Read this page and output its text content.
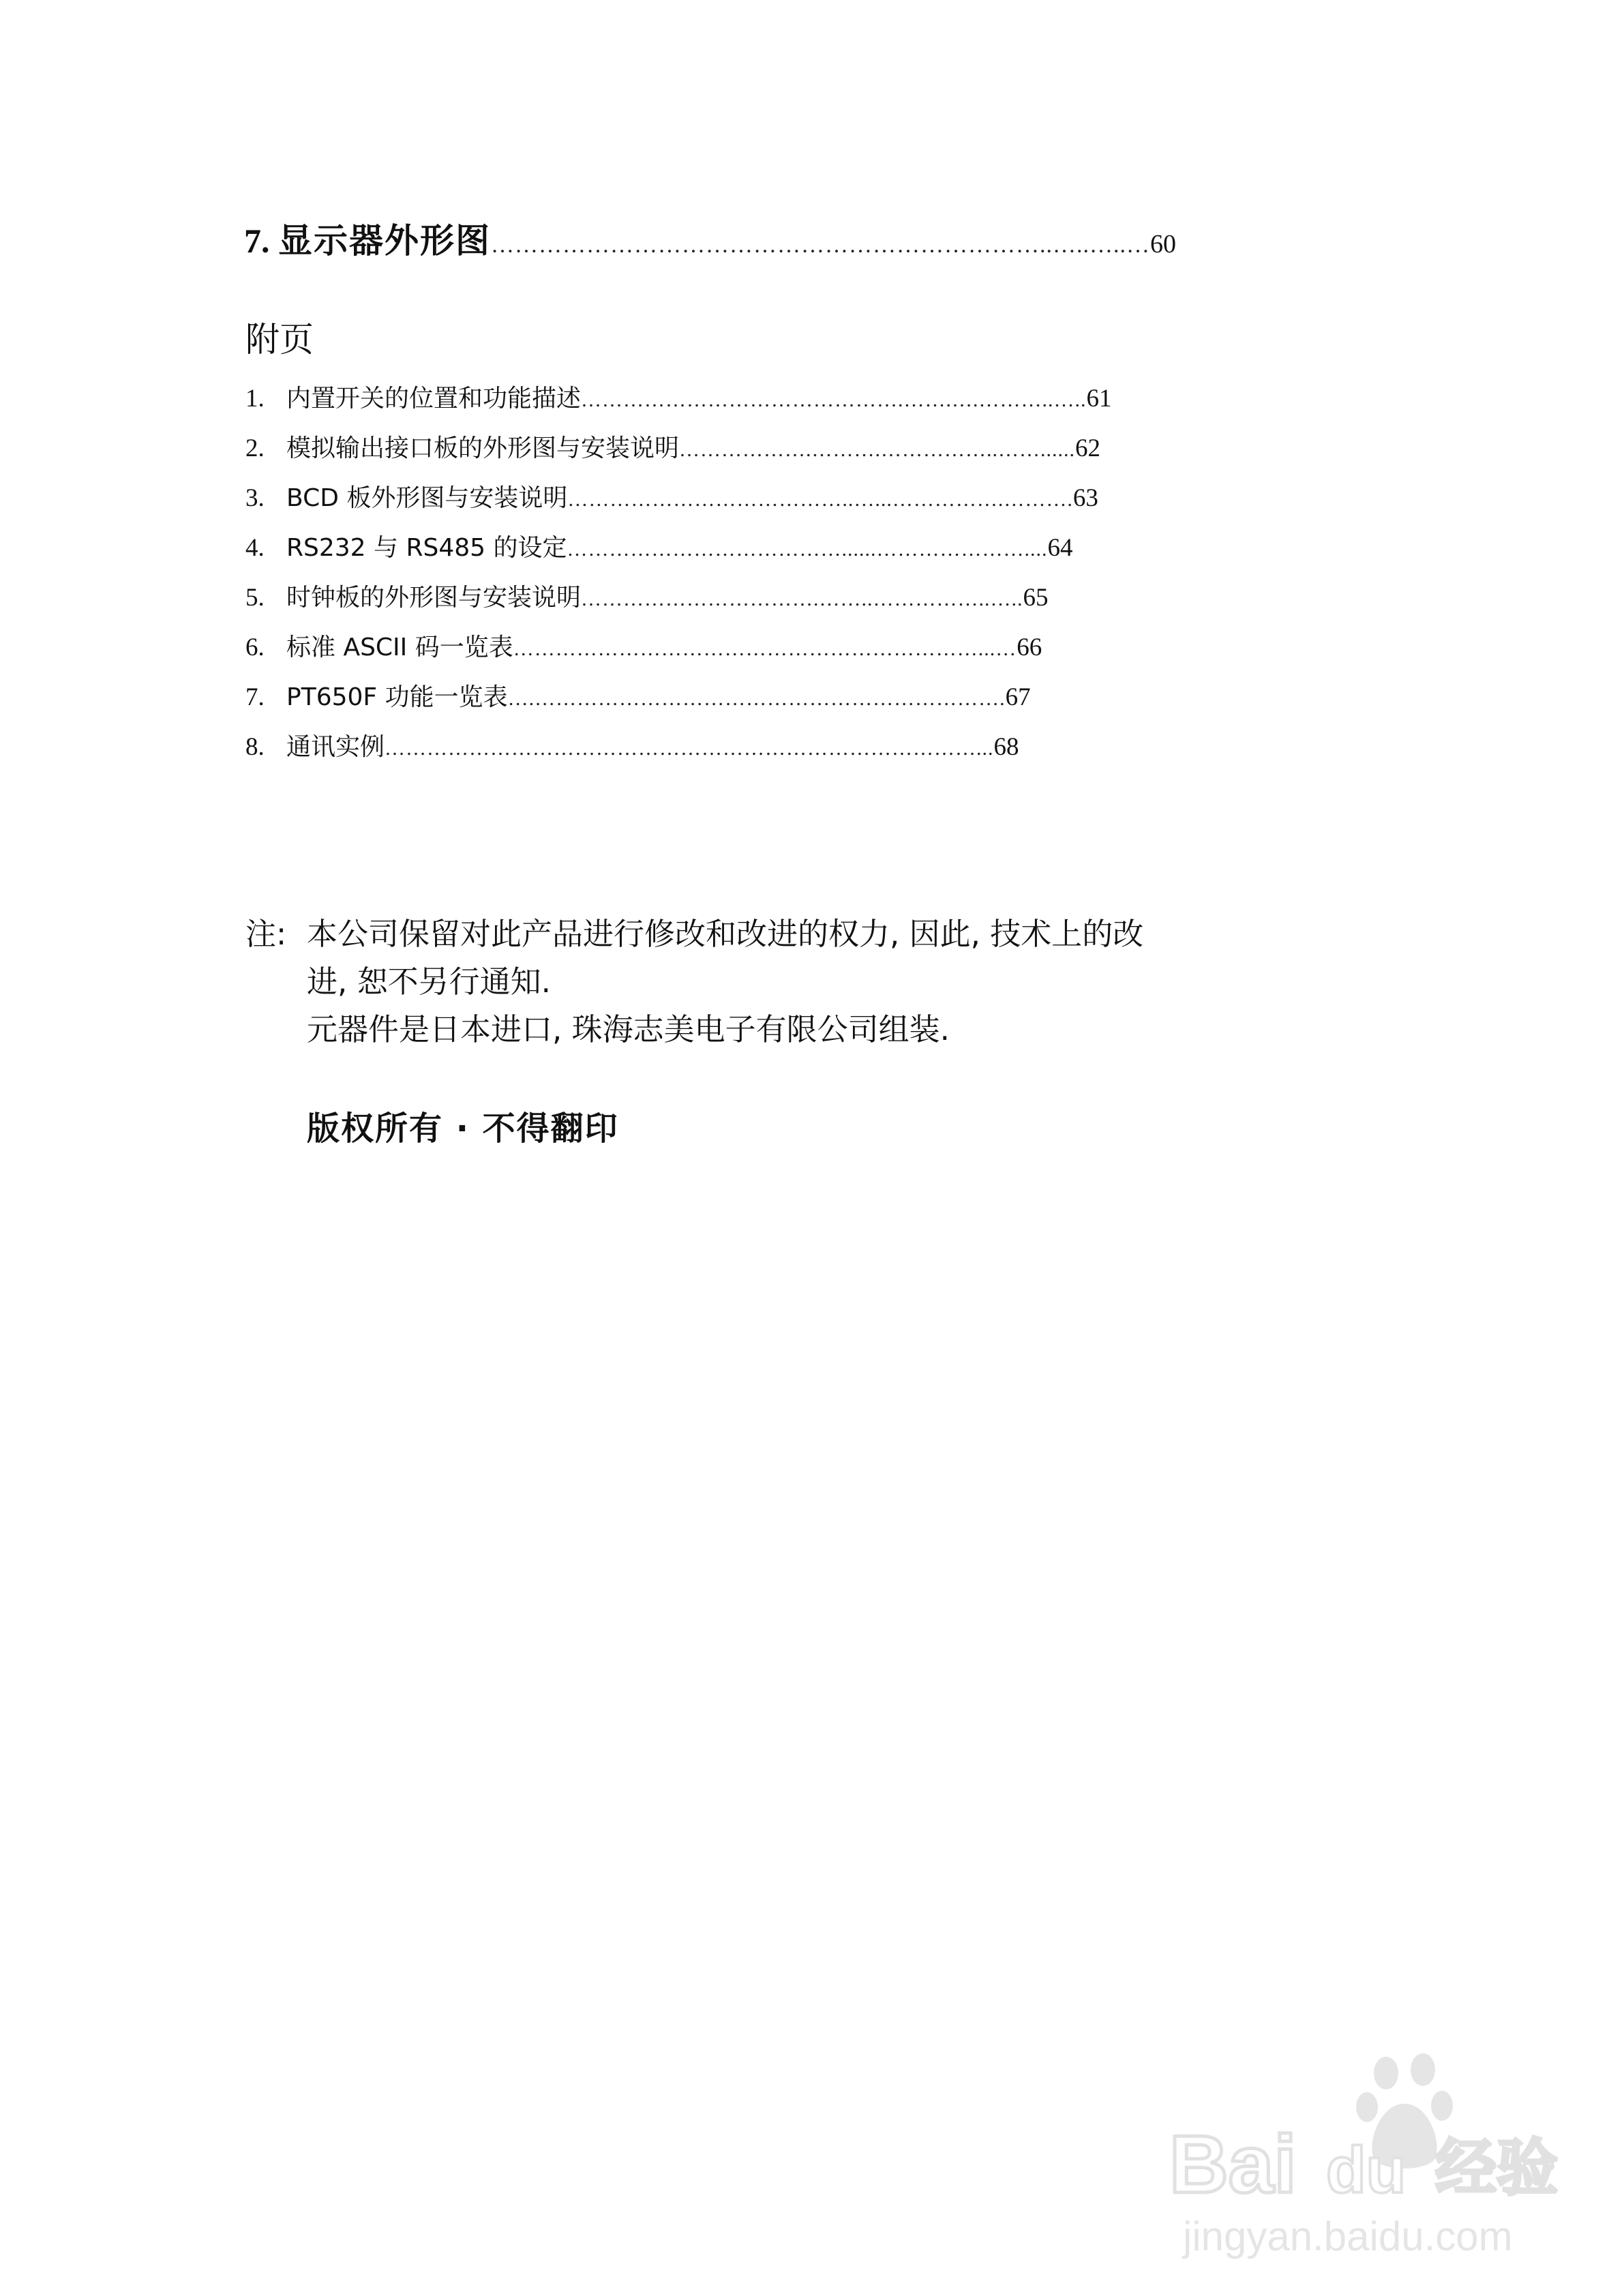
7. 显示器外形图……………………………………………………………..…..…..…60
附页
1. 内置开关的位置和功能描述……………………………………….…….….………..…..61
2. 模拟输出接口板的外形图与安装说明……………….……….……………..……......62
3. BCD 板外形图与安装说明…………………………………..…...…………….……….63
4. RS232 与 RS485 的设定…………………………………......…………………....64
5. 时钟板的外形图与安装说明…………………………….……..……………..…..65
6. 标准 ASCII 码一览表…………………………………………………………...…66
7. PT650F 功能一览表….………………………………………………………….67
8. 通讯实例…………………………………………………………………………...68
注: 本公司保留对此产品进行修改和改进的权力, 因此, 技术上的改
进, 恕不另行通知.
元器件是日本进口, 珠海志美电子有限公司组装.
版权所有 · 不得翻印
Bai du 经验
jingyan.baidu.com
